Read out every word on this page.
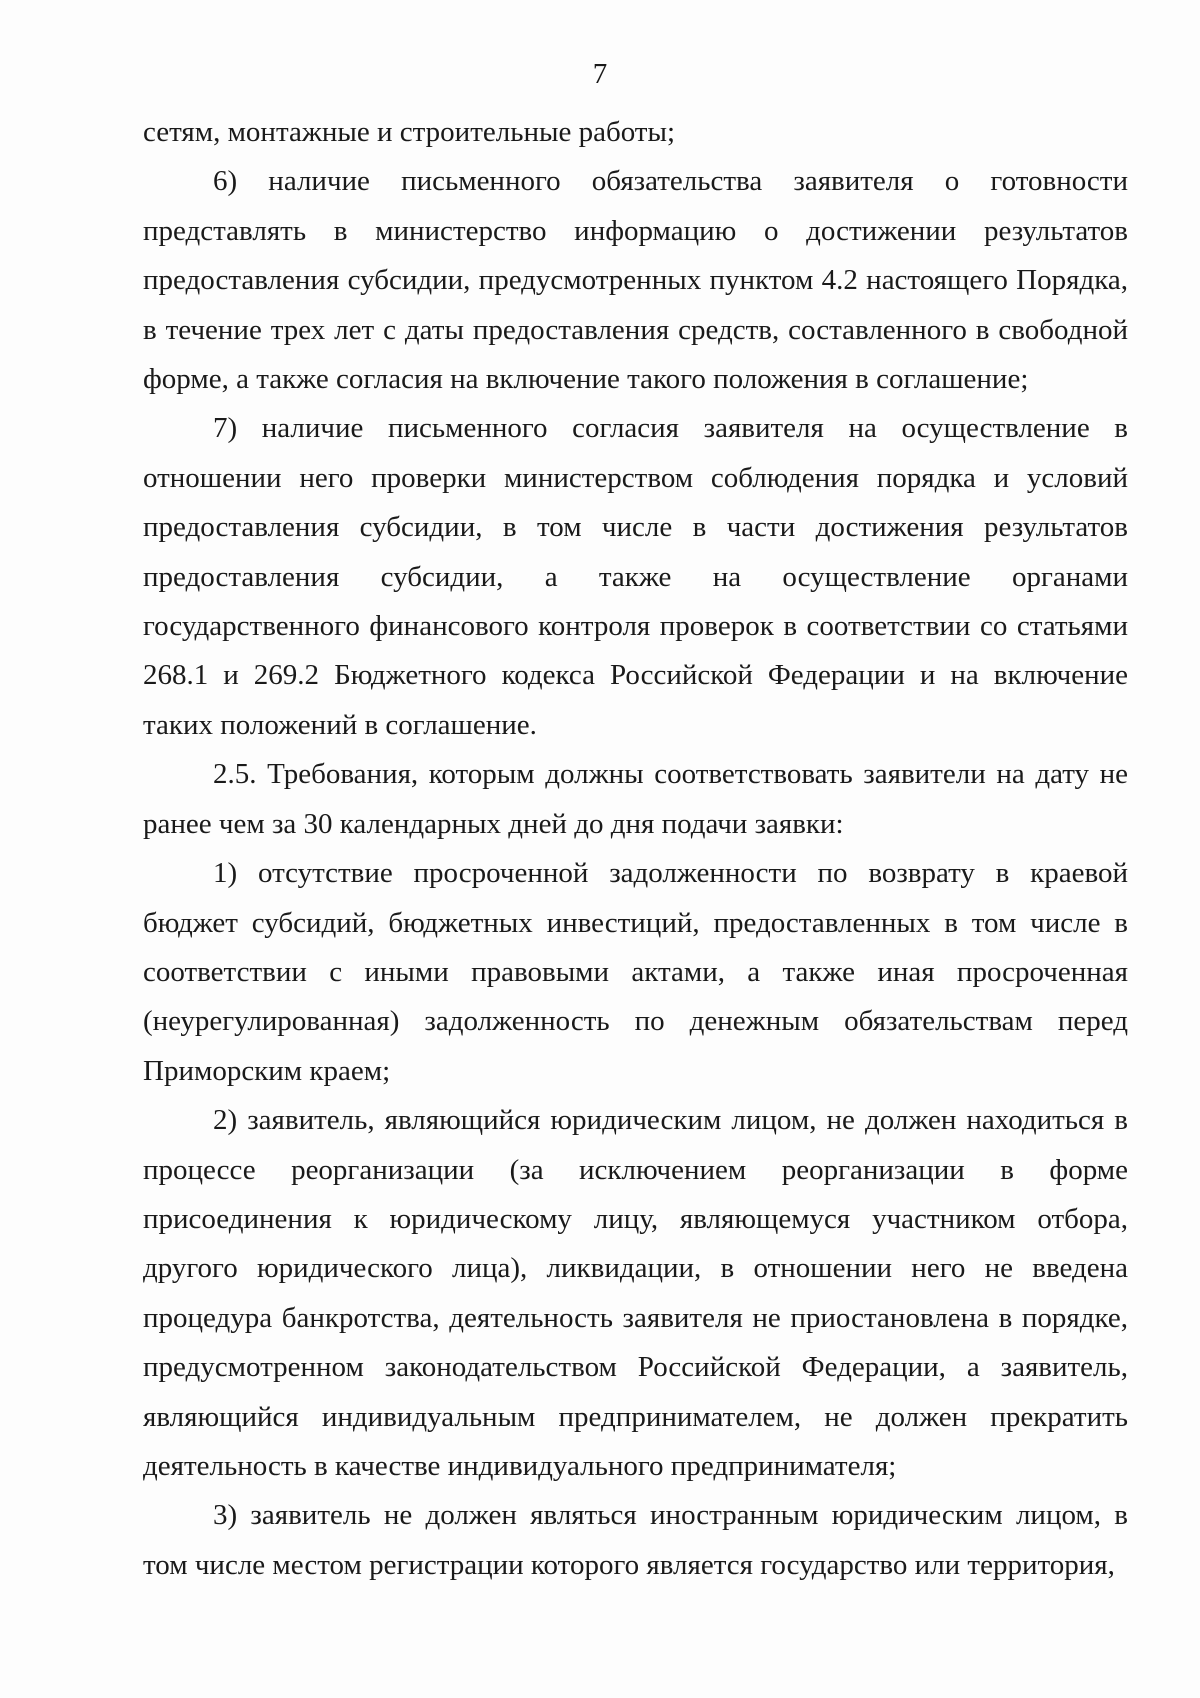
7

сетям, монтажные и строительные работы;

6) наличие письменного обязательства заявителя о готовности представлять в министерство информацию о достижении результатов предоставления субсидии, предусмотренных пунктом 4.2 настоящего Порядка, в течение трех лет с даты предоставления средств, составленного в свободной форме, а также согласия на включение такого положения в соглашение;

7) наличие письменного согласия заявителя на осуществление в отношении него проверки министерством соблюдения порядка и условий предоставления субсидии, в том числе в части достижения результатов предоставления субсидии, а также на осуществление органами государственного финансового контроля проверок в соответствии со статьями 268.1 и 269.2 Бюджетного кодекса Российской Федерации и на включение таких положений в соглашение.

2.5. Требования, которым должны соответствовать заявители на дату не ранее чем за 30 календарных дней до дня подачи заявки:

1) отсутствие просроченной задолженности по возврату в краевой бюджет субсидий, бюджетных инвестиций, предоставленных в том числе в соответствии с иными правовыми актами, а также иная просроченная (неурегулированная) задолженность по денежным обязательствам перед Приморским краем;

2) заявитель, являющийся юридическим лицом, не должен находиться в процессе реорганизации (за исключением реорганизации в форме присоединения к юридическому лицу, являющемуся участником отбора, другого юридического лица), ликвидации, в отношении него не введена процедура банкротства, деятельность заявителя не приостановлена в порядке, предусмотренном законодательством Российской Федерации, а заявитель, являющийся индивидуальным предпринимателем, не должен прекратить деятельность в качестве индивидуального предпринимателя;

3) заявитель не должен являться иностранным юридическим лицом, в том числе местом регистрации которого является государство или территория,
